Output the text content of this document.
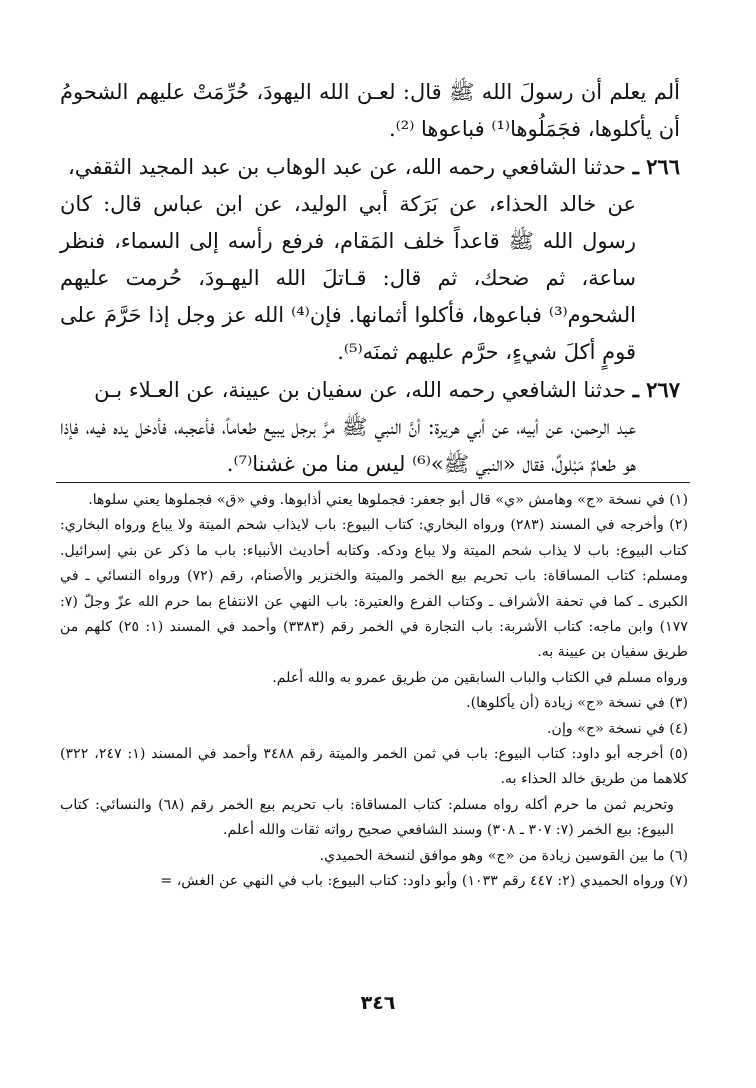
ألم يعلم أن رسولَ الله ﷺ قال: لعـن الله اليهودَ، حُرِّمَتْ عليهم الشحومُ أن يأكلوها، فجَمَلُوها⁽¹⁾ فباعوها ⁽²⁾.

٢٦٦ ـ حدثنا الشافعي رحمه الله، عن عبد الوهاب بن عبد المجيد الثقفي،

عن خالد الحذاء، عن بَرَكة أبي الوليد، عن ابن عباس قال: كان رسول الله ﷺ قاعداً خلف المَقام، فرفع رأسه إلى السماء، فنظر ساعة، ثم ضحك، ثم قال: قـاتلَ الله اليهـودَ، حُرمت عليهم الشحوم⁽³⁾ فباعوها، فأكلوا أثمانها. فإن⁽⁴⁾ الله عز وجل إذا حَرَّمَ على قومٍ أكلَ شيءٍ، حرَّم عليهم ثمنَه⁽⁵⁾.

٢٦٧ ـ حدثنا الشافعي رحمه الله، عن سفيان بن عيينة، عن العـلاء بـن

عبد الرحمن، عن أبيه، عن أبي هريرة: أنَّ النبي ﷺ مرَّ برجل يبيع طعاماً، فأعجبه، فأدخل يده فيه، فإذا هو طعامٌ مَبْلولٌ، فقال «النبي ﷺ»⁽⁶⁾ ليس منا من غشنا⁽⁷⁾.

(١) في نسخة «ج» وهامش «ي» قال أبو جعفر: فجملوها يعني أذابوها. وفي «ق» فجملوها يعني سلوها.

(٢) وأخرجه في المسند (٢٨٣) ورواه البخاري: كتاب البيوع: باب لايذاب شحم الميتة ولا يباع ورواه البخاري: كتاب البيوع: باب لا يذاب شحم الميتة ولا يباع ودكه. وكتابه أحاديث الأنبياء: باب ما ذكر عن بني إسرائيل. ومسلم: كتاب المساقاة: باب تحريم بيع الخمر والميتة والخنزير والأصنام، رقم (٧٢) ورواه النسائي ـ في الكبرى ـ كما في تحفة الأشراف ـ وكتاب الفرع والعتيرة: باب النهي عن الانتفاع بما حرم الله عزّ وجلّ (٧: ١٧٧) وابن ماجه: كتاب الأشربة: باب التجارة في الخمر رقم (٣٣٨٣) وأحمد في المسند (١: ٢٥) كلهم من طريق سفيان بن عيينة به.

ورواه مسلم في الكتاب والباب السابقين من طريق عمرو به والله أعلم.

(٣) في نسخة «ج» زيادة (أن يأكلوها).

(٤) في نسخة «ج» وإن.

(٥) أخرجه أبو داود: كتاب البيوع: باب في ثمن الخمر والميتة رقم ٣٤٨٨ وأحمد في المسند (١: ٢٤٧، ٣٢٢) كلاهما من طريق خالد الحذاء به.

وتحريم ثمن ما حرم أكله رواه مسلم: كتاب المساقاة: باب تحريم بيع الخمر رقم (٦٨) والنسائي: كتاب البيوع: بيع الخمر (٧: ٣٠٧ ـ ٣٠٨) وسند الشافعي صحيح رواته ثقات والله أعلم.

(٦) ما بين القوسين زيادة من «ج» وهو موافق لنسخة الحميدي.

(٧) ورواه الحميدي (٢: ٤٤٧ رقم ١٠٣٣) وأبو داود: كتاب البيوع: باب في النهي عن الغش، =

٣٤٦
